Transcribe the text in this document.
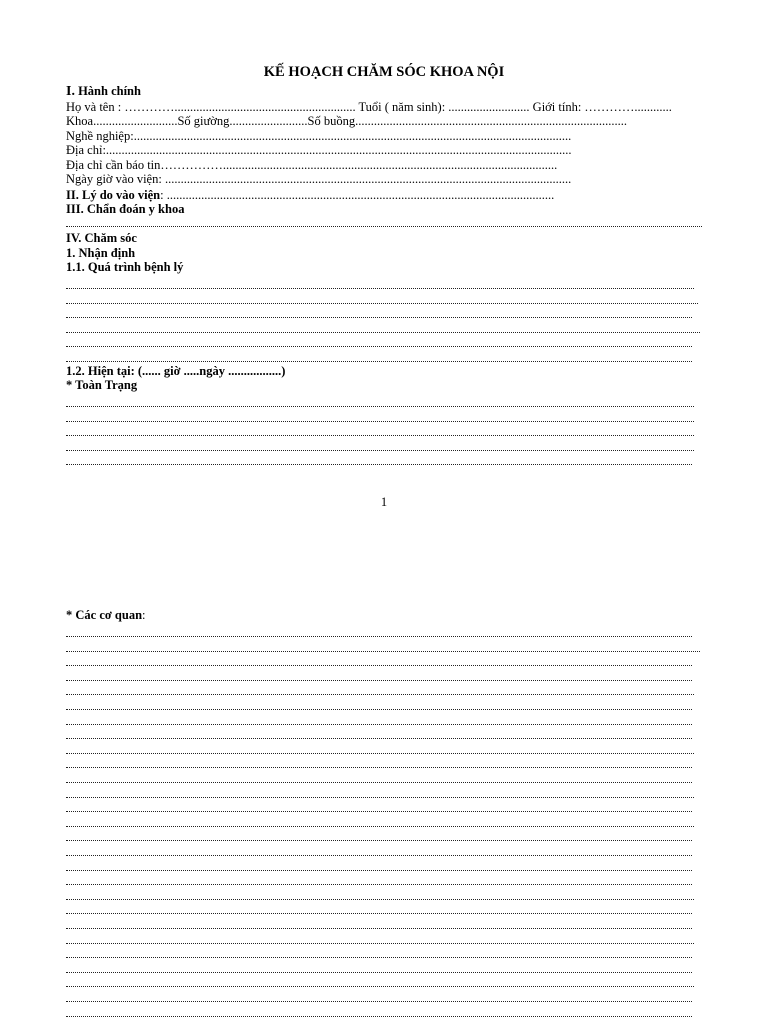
KẾ HOẠCH CHĂM SÓC KHOA NỘI
I. Hành chính
Họ và tên : ………….......................................................... Tuổi ( năm sinh): .......................... Giới tính: …………............
Khoa...........................Số giường.........................Số buồng.......................................................................................
Nghề nghiệp:............................................................................................................................................
Địa chỉ:.....................................................................................................................................................
Địa chỉ cần báo tin……………...........................................................................................................
Ngày giờ vào viện: ..................................................................................................................................
II. Lý do vào viện: ............................................................................................................................
III. Chẩn đoán y khoa
IV. Chăm sóc
1. Nhận định
1.1. Quá trình bệnh lý
1.2. Hiện tại: (...... giờ .....ngày .................)
* Toàn Trạng
1
* Các cơ quan:
